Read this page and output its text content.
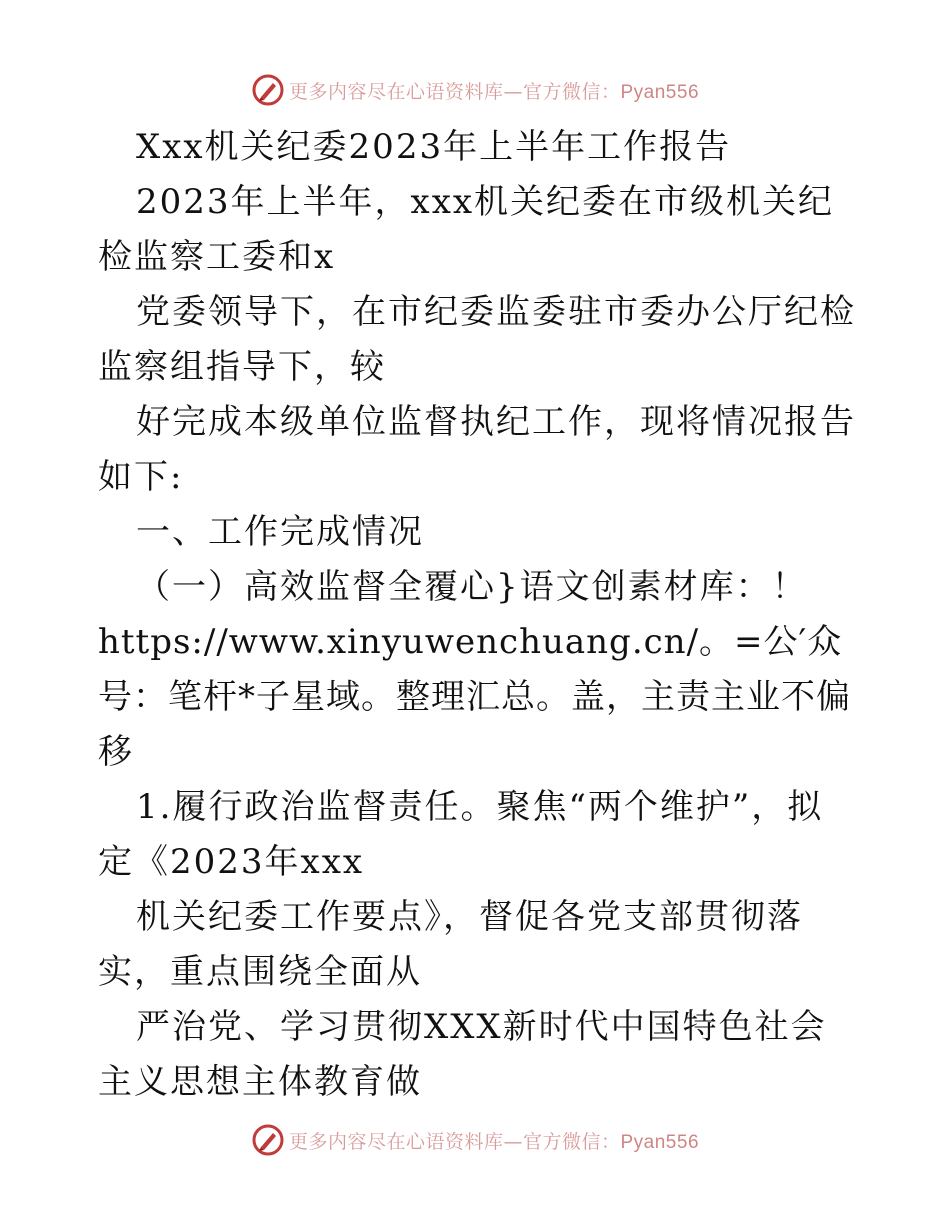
更多内容尽在心语资料库—官方微信：Pyan556

Xxx机关纪委2023年上半年工作报告

2023年上半年，xxx机关纪委在市级机关纪检监察工委和x

党委领导下，在市纪委监委驻市委办公厅纪检监察组指导下，较

好完成本级单位监督执纪工作，现将情况报告如下:

一、工作完成情况

（一）高效监督全覆心}语文创素材库：！

https://www.xinyuwenchuang.cn/。=公′众号：笔杆*子星域。整理汇总。盖，主责主业不偏移

1.履行政治监督责任。聚焦“两个维护”，拟定《2023年xxx

机关纪委工作要点》，督促各党支部贯彻落实，重点围绕全面从

严治党、学习贯彻XXX新时代中国特色社会主义思想主体教育做

更多内容尽在心语资料库—官方微信：Pyan556
